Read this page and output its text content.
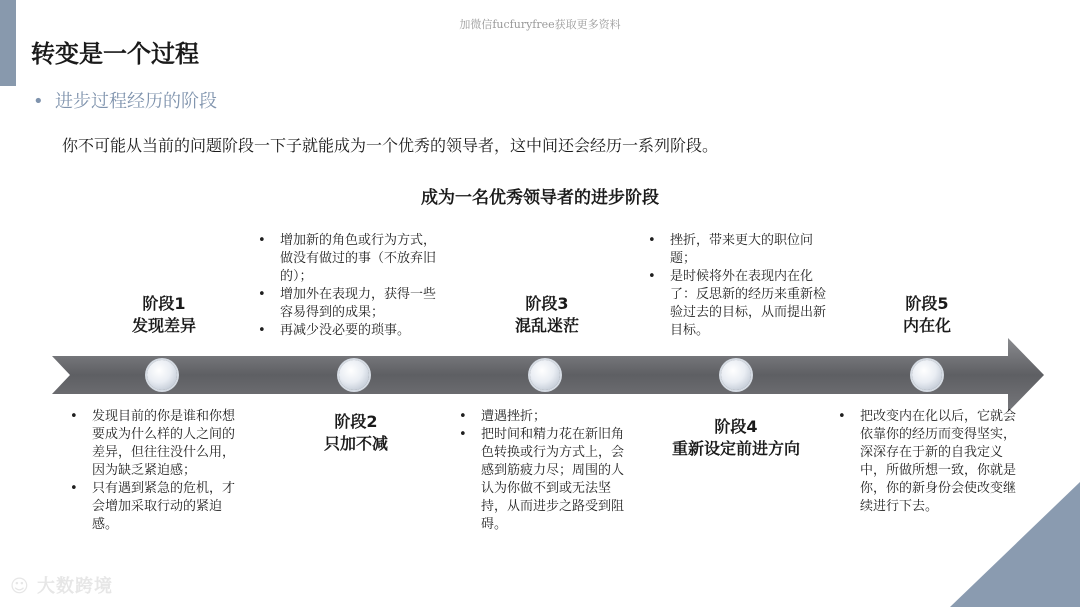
加微信fucfuryfree获取更多资料
转变是一个过程
• 进步过程经历的阶段
你不可能从当前的问题阶段一下子就能成为一个优秀的领导者，这中间还会经历一系列阶段。
成为一名优秀领导者的进步阶段
阶段1
发现差异
阶段2
只加不减
阶段3
混乱迷茫
阶段4
重新设定前进方向
阶段5
内在化
• 发现目前的你是谁和你想要成为什么样的人之间的差异，但往往没什么用，因为缺乏紧迫感；
• 只有遇到紧急的危机，才会增加采取行动的紧迫感。
• 增加新的角色或行为方式，做没有做过的事（不放弃旧的）；
• 增加外在表现力，获得一些容易得到的成果；
• 再减少没必要的琐事。
• 遭遇挫折；
• 把时间和精力花在新旧角色转换或行为方式上，会感到筋疲力尽；周围的人认为你做不到或无法坚持，从而进步之路受到阻碍。
• 挫折，带来更大的职位问题；
• 是时候将外在表现内在化了：反思新的经历来重新检验过去的目标，从而提出新目标。
• 把改变内在化以后，它就会依靠你的经历而变得坚实，深深存在于新的自我定义中，所做所想一致，你就是你，你的新身份会使改变继续进行下去。
☺ 大数跨境
